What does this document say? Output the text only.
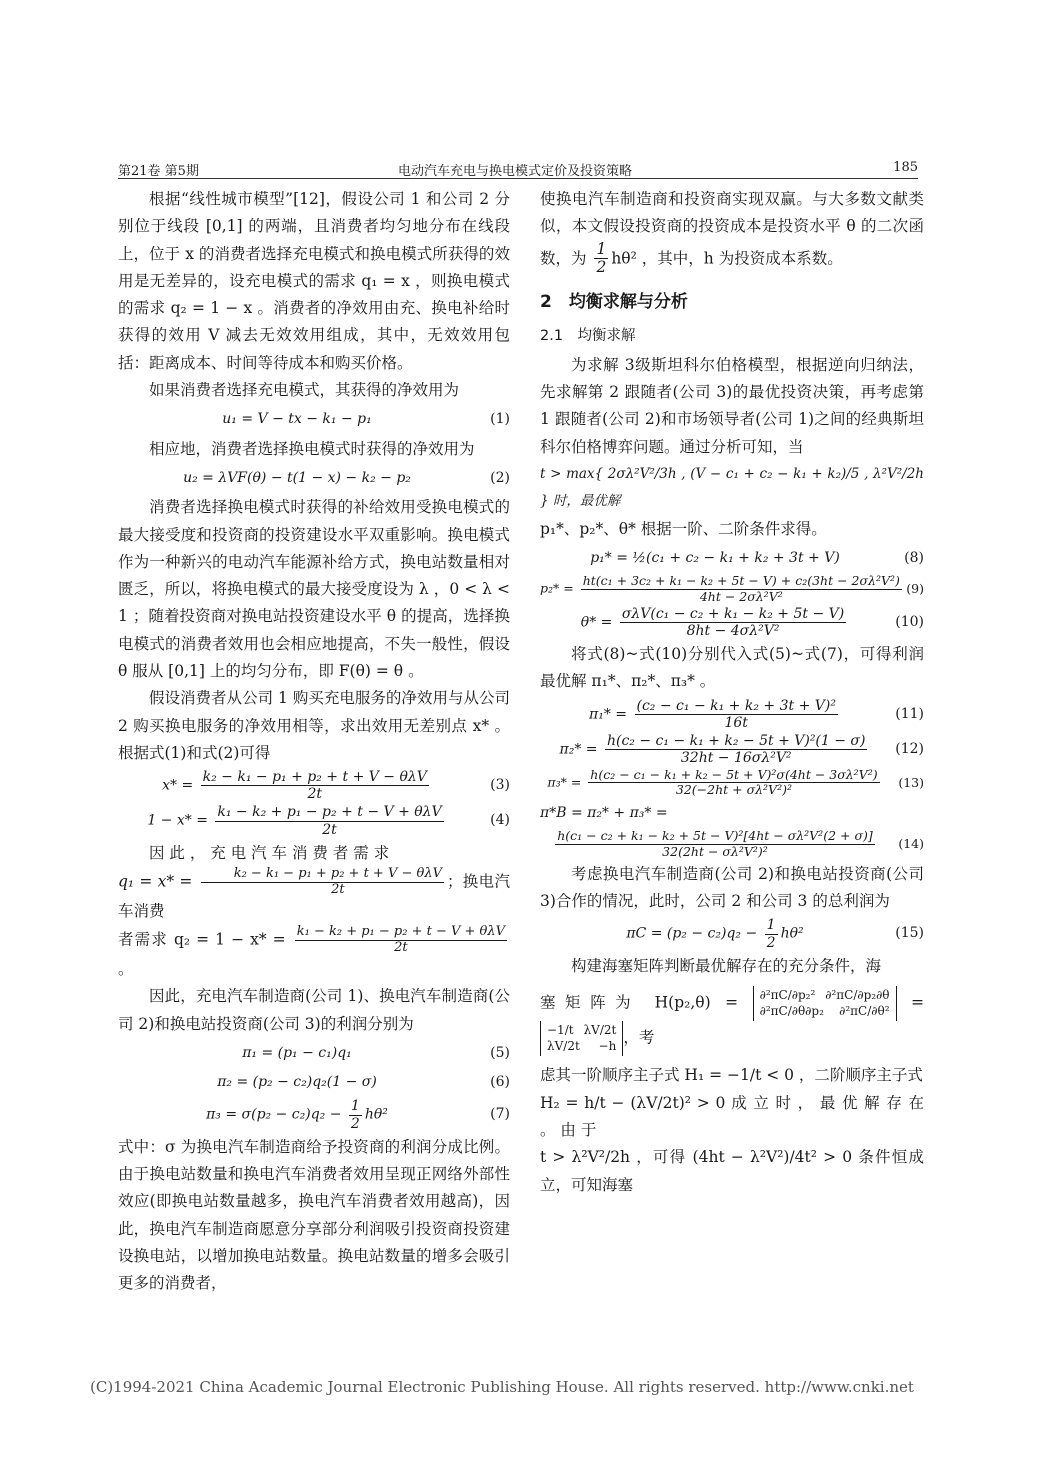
第21卷 第5期	电动汽车充电与换电模式定价及投资策略	185

根据“线性城市模型”[12]，假设公司 1 和公司 2 分别位于线段 [0,1] 的两端，且消费者均匀地分布在线段上，位于 x 的消费者选择充电模式和换电模式所获得的效用是无差异的，设充电模式的需求 q₁ = x ，则换电模式的需求 q₂ = 1 − x 。消费者的净效用由充、换电补给时获得的效用 V 减去无效效用组成，其中，无效效用包括：距离成本、时间等待成本和购买价格。

如果消费者选择充电模式，其获得的净效用为

u₁ = V − tx − k₁ − p₁	(1)

相应地，消费者选择换电模式时获得的净效用为

u₂ = λVF(θ) − t(1 − x) − k₂ − p₂	(2)

消费者选择换电模式时获得的补给效用受换电模式的最大接受度和投资商的投资建设水平双重影响。换电模式作为一种新兴的电动汽车能源补给方式，换电站数量相对匮乏，所以，将换电模式的最大接受度设为 λ ，0 < λ < 1 ；随着投资商对换电站投资建设水平 θ 的提高，选择换电模式的消费者效用也会相应地提高，不失一般性，假设 θ 服从 [0,1] 上的均匀分布，即 F(θ) = θ 。

假设消费者从公司 1 购买充电服务的净效用与从公司 2 购买换电服务的净效用相等，求出效用无差别点 x* 。根据式(1)和式(2)可得

$x* = \frac{\text{k₂ − k₁ − p₁ + p₂ + t + V − θλV}}{2t}$	(3)
$1 - x* = \frac{\text{k₁ − k₂ + p₁ − p₂ + t − V + θλV}}{2t}$	(4)

因 此 ， 充 电 汽 车 消 费 者 需 求
$q_1 = x* = \frac{\text{k₂ − k₁ − p₁ + p₂ + t + V − θλV}}{2t}$ ；换电汽车消费

者需求 $q_2 = 1 - x* = \frac{\text{k₁ − k₂ + p₁ − p₂ + t − V + θλV}}{2t}$
。

因此，充电汽车制造商(公司 1)、换电汽车制造商(公司 2)和换电站投资商(公司 3)的利润分别为

π₁ = (p₁ − c₁)q₁	(5)
π₂ = (p₂ − c₂)q₂(1 − σ)	(6)
$\pi_3 = \sigma(p_2 - c_2)q_2 - \frac{1}{2} h\theta^2$	(7)

式中：σ 为换电汽车制造商给予投资商的利润分成比例。由于换电站数量和换电汽车消费者效用呈现正网络外部性效应(即换电站数量越多，换电汽车消费者效用越高)，因此，换电汽车制造商愿意分享部分利润吸引投资商投资建设换电站，以增加换电站数量。换电站数量的增多会吸引更多的消费者，

使换电汽车制造商和投资商实现双赢。与大多数文献类似，本文假设投资商的投资成本是投资水平 θ 的二次函数，为 $\frac{1}{2} h\theta^2$ ，其中，h 为投资成本系数。

2　均衡求解与分析
2.1　均衡求解

为求解 3级斯坦科尔伯格模型，根据逆向归纳法，先求解第 2 跟随者(公司 3)的最优投资决策，再考虑第 1 跟随者(公司 2)和市场领导者(公司 1)之间的经典斯坦科尔伯格博弈问题。通过分析可知，当

t > max{ 2σλ²V²/3h , (V − c₁ + c₂ − k₁ + k₂)/5 , λ²V²/2h } 时，最优解

p₁*、p₂*、θ* 根据一阶、二阶条件求得。

p₁* = ½(c₁ + c₂ − k₁ + k₂ + 3t + V)	(8)
$p_2* = \frac{\text{ht(c₁ + 3c₂ + k₁ − k₂ + 5t − V) + c₂(3ht − 2σλ²V²)}}{\text{4ht − 2σλ²V²}} (9)$
$\theta* = \frac{\text{σλV(c₁ − c₂ + k₁ − k₂ + 5t − V)}}{\text{8ht − 4σλ²V²}}$	(10)

将式(8)~式(10)分别代入式(5)~式(7)，可得利润最优解 π₁*、π₂*、π₃* 。

$\pi_1* = \frac{\text{(c₂ − c₁ − k₁ + k₂ + 3t + V)²}}{16t}$	(11)
$\pi_2* = \frac{\text{h(c₂ − c₁ − k₁ + k₂ − 5t + V)²(1 − σ)}}{\text{32ht − 16σλ²V²}}$	(12)
$\pi_3* = \frac{\text{h(c₂ − c₁ − k₁ + k₂ − 5t + V)²σ(4ht − 3σλ²V²)}}{\text{32(−2ht + σλ²V²)²}}$	(13)
π*B = π₂* + π₃* =
$\frac{\text{h(c₁ − c₂ + k₁ − k₂ + 5t − V)²[4ht − σλ²V²(2 + σ)]}}{\text{32(2ht − σλ²V²)²}}$	(14)

考虑换电汽车制造商(公司 2)和换电站投资商(公司 3)合作的情况，此时，公司 2 和公司 3 的总利润为

$\pi C = (p_2 - c_2)q_2 - \frac{1}{2} h\theta^2$	(15)

构建海塞矩阵判断最优解存在的充分条件，海

塞矩阵为 H(p₂,θ) = ∂²πC/∂p₂² ∂²πC/∂p₂∂θ
∂²πC/∂θ∂p₂ ∂²πC/∂θ² =
−1/t λV/2t
λV/2t −h ，考

虑其一阶顺序主子式 H₁ = −1/t < 0 ，二阶顺序主子式

H₂ = h/t − (λV/2t)² > 0 成 立 时 ， 最 优 解 存 在 。 由 于

t > λ²V²/2h ，可得 (4ht − λ²V²)/4t² > 0 条件恒成立，可知海塞

(C)1994-2021 China Academic Journal Electronic Publishing House. All rights reserved. http://www.cnki.net
